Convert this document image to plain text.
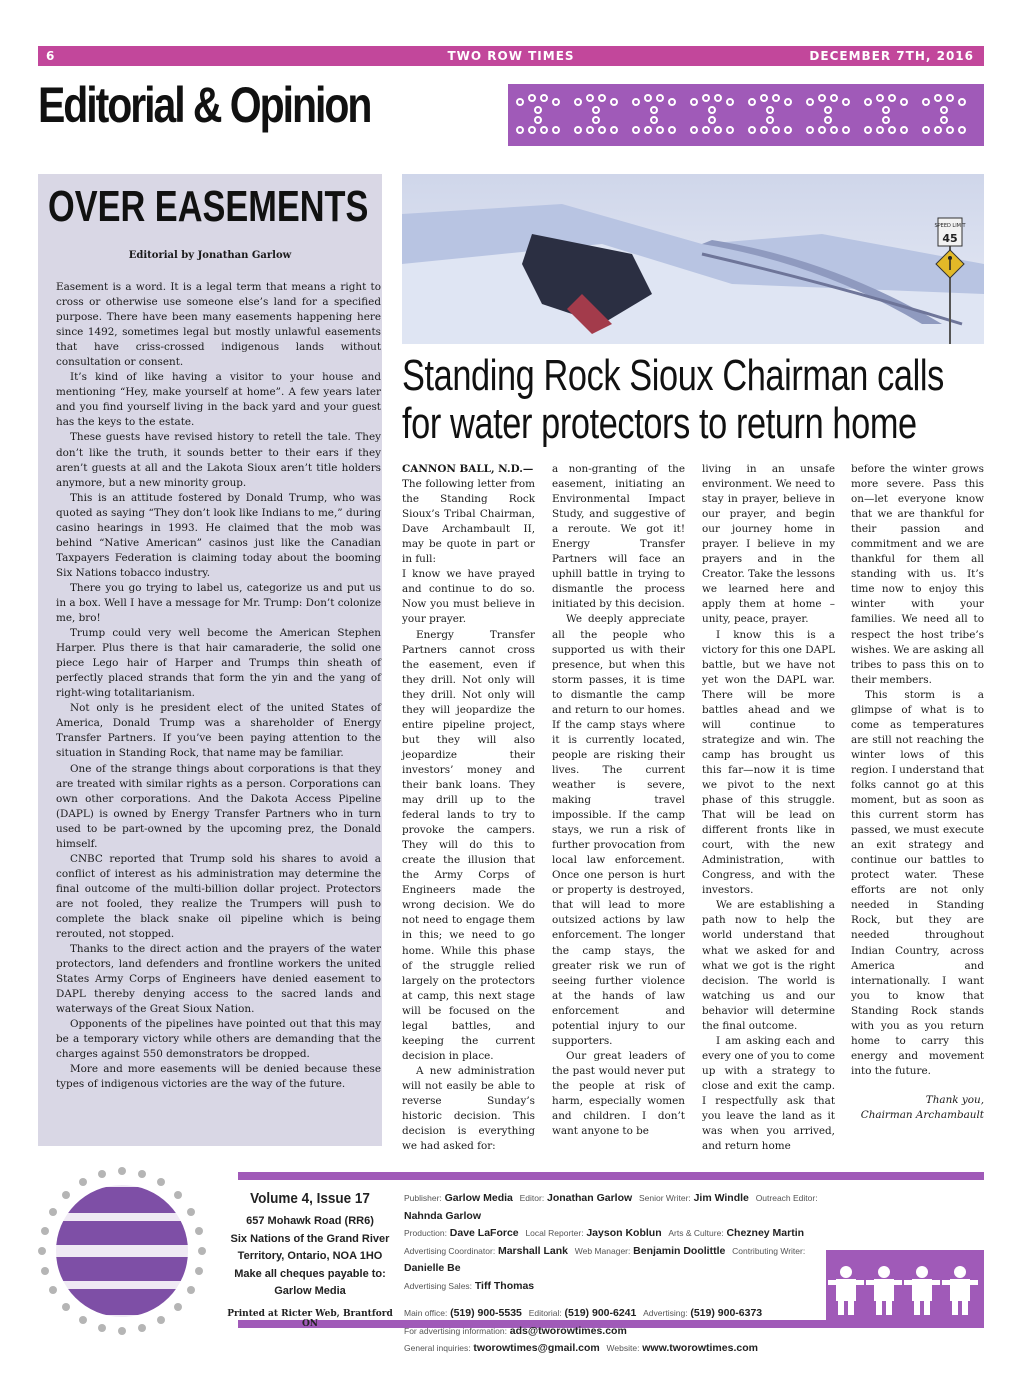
6	TWO ROW TIMES	DECEMBER 7TH, 2016
Editorial & Opinion
OVER EASEMENTS
Editorial by Jonathan Garlow

Easement is a word. It is a legal term that means a right to cross or otherwise use someone else’s land for a specified purpose. There have been many easements happening here since 1492, sometimes legal but mostly unlawful easements that have criss-crossed indigenous lands without consultation or consent.

It’s kind of like having a visitor to your house and mentioning “Hey, make yourself at home”. A few years later and you find yourself living in the back yard and your guest has the keys to the estate.

These guests have revised history to retell the tale. They don’t like the truth, it sounds better to their ears if they aren’t guests at all and the Lakota Sioux aren’t title holders anymore, but a new minority group.

This is an attitude fostered by Donald Trump, who was quoted as saying “They don’t look like Indians to me,” during casino hearings in 1993. He claimed that the mob was behind “Native American” casinos just like the Canadian Taxpayers Federation is claiming today about the booming Six Nations tobacco industry.

There you go trying to label us, categorize us and put us in a box. Well I have a message for Mr. Trump: Don’t colonize me, bro!

Trump could very well become the American Stephen Harper. Plus there is that hair camaraderie, the solid one piece Lego hair of Harper and Trumps thin sheath of perfectly placed strands that form the yin and the yang of right-wing totalitarianism.

Not only is he president elect of the united States of America, Donald Trump was a shareholder of Energy Transfer Partners. If you’ve been paying attention to the situation in Standing Rock, that name may be familiar.

One of the strange things about corporations is that they are treated with similar rights as a person. Corporations can own other corporations. And the Dakota Access Pipeline (DAPL) is owned by Energy Transfer Partners who in turn used to be part-owned by the upcoming prez, the Donald himself.

CNBC reported that Trump sold his shares to avoid a conflict of interest as his administration may determine the final outcome of the multi-billion dollar project. Protectors are not fooled, they realize the Trumpers will push to complete the black snake oil pipeline which is being rerouted, not stopped.

Thanks to the direct action and the prayers of the water protectors, land defenders and frontline workers the united States Army Corps of Engineers have denied easement to DAPL thereby denying access to the sacred lands and waterways of the Great Sioux Nation.

Opponents of the pipelines have pointed out that this may be a temporary victory while others are demanding that the charges against 550 demonstrators be dropped.

More and more easements will be denied because these types of indigenous victories are the way of the future.

SPEED LIMIT
45
Standing Rock Sioux Chairman calls
for water protectors to return home

CANNON BALL, N.D.—

The following letter from the Standing Rock Sioux’s Tribal Chairman, Dave Archambault II, may be quote in part or in full:

I know we have prayed and continue to do so. Now you must believe in your prayer.

Energy Transfer Partners cannot cross the easement, even if they drill. Not only will they drill. Not only will they will jeopardize the entire pipeline project, but they will also jeopardize their investors’ money and their bank loans. They may drill up to the federal lands to try to provoke the campers. They will do this to create the illusion that the Army Corps of Engineers made the wrong decision. We do not need to engage them in this; we need to go home. While this phase of the struggle relied largely on the protectors at camp, this next stage will be focused on the legal battles, and keeping the current decision in place.

A new administration will not easily be able to reverse Sunday’s historic decision. This decision is everything we had asked for:

a non-granting of the easement, initiating an Environmental Impact Study, and suggestive of a reroute. We got it! Energy Transfer Partners will face an uphill battle in trying to dismantle the process initiated by this decision.

We deeply appreciate all the people who supported us with their presence, but when this storm passes, it is time to dismantle the camp and return to our homes. If the camp stays where it is currently located, people are risking their lives. The current weather is severe, making travel impossible. If the camp stays, we run a risk of further provocation from local law enforcement. Once one person is hurt or property is destroyed, that will lead to more outsized actions by law enforcement. The longer the camp stays, the greater risk we run of seeing further violence at the hands of law enforcement and potential injury to our supporters.

Our great leaders of the past would never put the people at risk of harm, especially women and children. I don’t want anyone to be

living in an unsafe environment. We need to stay in prayer, believe in our prayer, and begin our journey home in prayer. I believe in my prayers and in the Creator. Take the lessons we learned here and apply them at home – unity, peace, prayer.

I know this is a victory for this one DAPL battle, but we have not yet won the DAPL war. There will be more battles ahead and we will continue to strategize and win. The camp has brought us this far—now it is time we pivot to the next phase of this struggle. That will be lead on different fronts like in court, with the new Administration, with Congress, and with the investors.

We are establishing a path now to help the world understand that what we asked for and what we got is the right decision. The world is watching us and our behavior will determine the final outcome.

I am asking each and every one of you to come up with a strategy to close and exit the camp. I respectfully ask that you leave the land as it was when you arrived, and return home

before the winter grows more severe. Pass this on—let everyone know that we are thankful for their passion and commitment and we are thankful for them all standing with us. It’s time now to enjoy this winter with your families. We need all to respect the host tribe’s wishes. We are asking all tribes to pass this on to their members.

This storm is a glimpse of what is to come as temperatures are still not reaching the winter lows of this region. I understand that folks cannot go at this moment, but as soon as this current storm has passed, we must execute an exit strategy and continue our battles to protect water. These efforts are not only needed in Standing Rock, but they are needed throughout Indian Country, across America and internationally. I want you to know that Standing Rock stands with you as you return home to carry this energy and movement into the future.

Thank you,

Chairman Archambault

Volume 4, Issue 17
657 Mohawk Road (RR6)
Six Nations of the Grand River
Territory, Ontario, NOA 1HO
Make all cheques payable to:
Garlow Media
Printed at Ricter Web, Brantford ON
Publisher: Garlow Media Editor: Jonathan Garlow Senior Writer: Jim Windle Outreach Editor: Nahnda Garlow
Production: Dave LaForce Local Reporter: Jayson Koblun Arts & Culture: Chezney Martin
Advertising Coordinator: Marshall Lank Web Manager: Benjamin Doolittle Contributing Writer: Danielle Be
Advertising Sales: Tiff Thomas
Main office: (519) 900-5535 Editorial: (519) 900-6241 Advertising: (519) 900-6373
For advertising information: ads@tworowtimes.com
General inquiries: tworowtimes@gmail.com Website: www.tworowtimes.com
